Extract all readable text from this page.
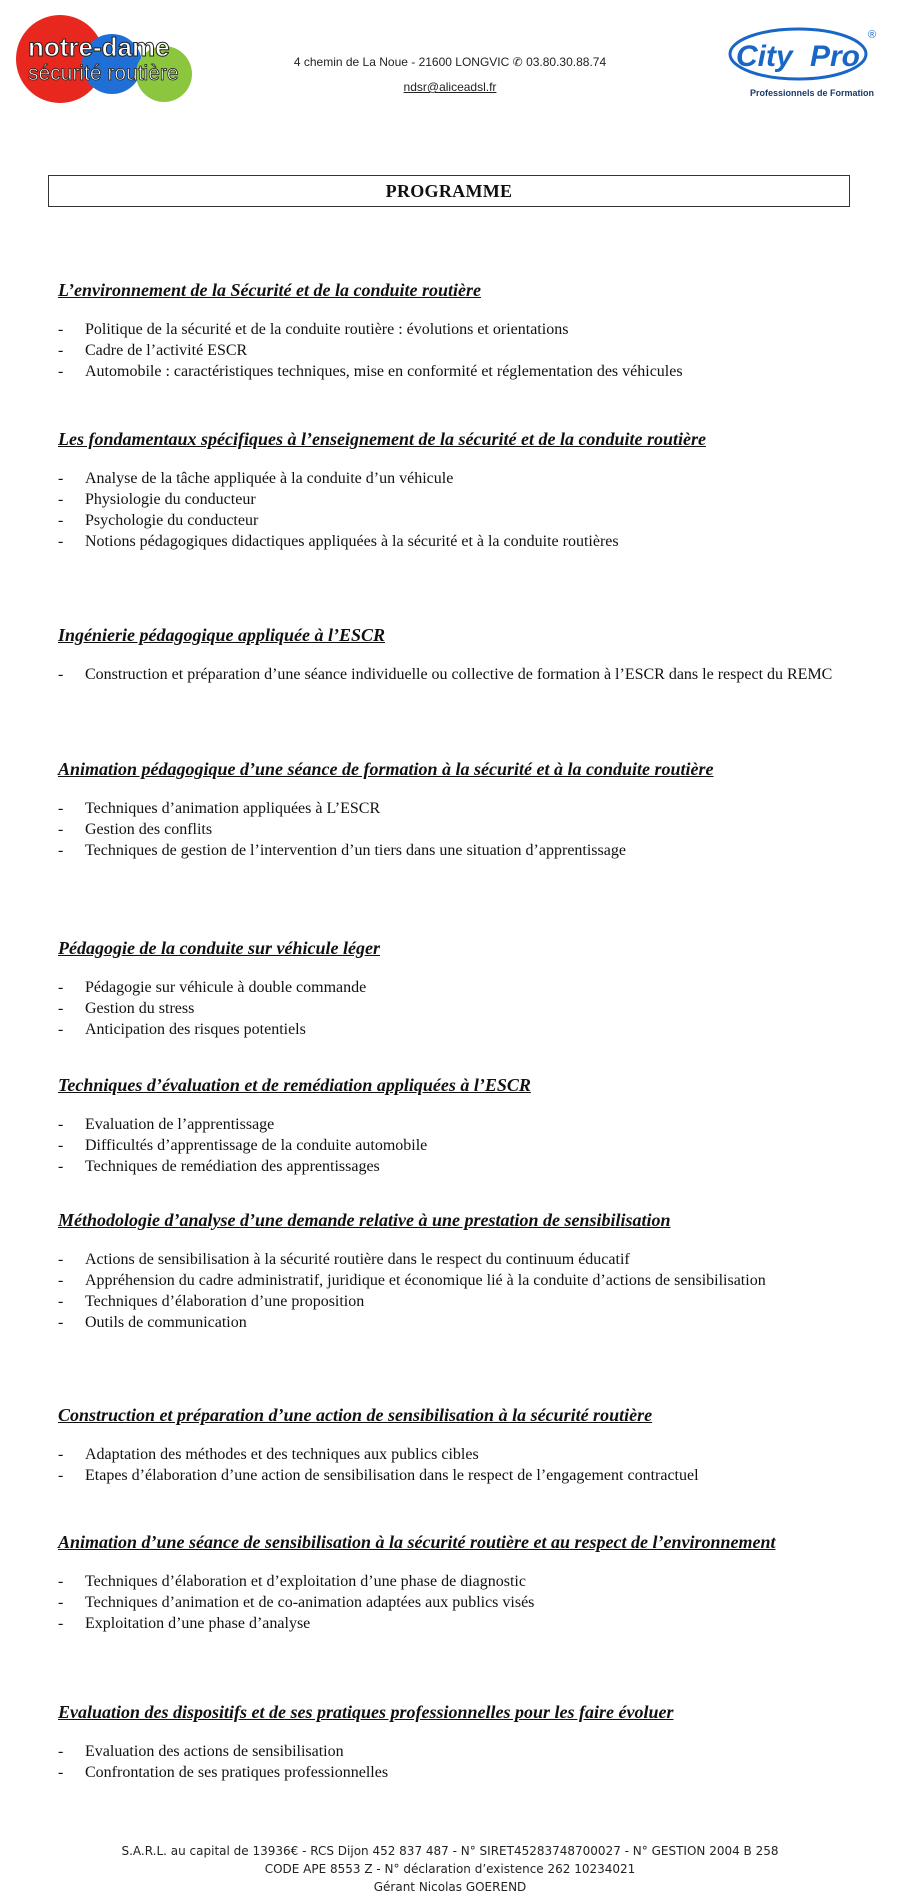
notre-dame
sécurité routière	4 chemin de La Noue - 21600 LONGVIC ✆ 03.80.30.88.74
ndsr@aliceadsl.fr
City Pro
®
Professionnels de Formation
PROGRAMME
L’environnement de la Sécurité et de la conduite routière
- Politique de la sécurité et de la conduite routière : évolutions et orientations
- Cadre de l’activité ESCR
- Automobile : caractéristiques techniques, mise en conformité et réglementation des véhicules
Les fondamentaux spécifiques à l’enseignement de la sécurité et de la conduite routière
- Analyse de la tâche appliquée à la conduite d’un véhicule
- Physiologie du conducteur
- Psychologie du conducteur
- Notions pédagogiques didactiques appliquées à la sécurité et à la conduite routières
Ingénierie pédagogique appliquée à l’ESCR
- Construction et préparation d’une séance individuelle ou collective de formation à l’ESCR dans le respect du REMC
Animation pédagogique d’une séance de formation à la sécurité et à la conduite routière
- Techniques d’animation appliquées à L’ESCR
- Gestion des conflits
- Techniques de gestion de l’intervention d’un tiers dans une situation d’apprentissage
Pédagogie de la conduite sur véhicule léger
- Pédagogie sur véhicule à double commande
- Gestion du stress
- Anticipation des risques potentiels
Techniques d’évaluation et de remédiation appliquées à l’ESCR
- Evaluation de l’apprentissage
- Difficultés d’apprentissage de la conduite automobile
- Techniques de remédiation des apprentissages
Méthodologie d’analyse d’une demande relative à une prestation de sensibilisation
- Actions de sensibilisation à la sécurité routière dans le respect du continuum éducatif
- Appréhension du cadre administratif, juridique et économique lié à la conduite d’actions de sensibilisation
- Techniques d’élaboration d’une proposition
- Outils de communication
Construction et préparation d’une action de sensibilisation à la sécurité routière
- Adaptation des méthodes et des techniques aux publics cibles
- Etapes d’élaboration d’une action de sensibilisation dans le respect de l’engagement contractuel
Animation d’une séance de sensibilisation à la sécurité routière et au respect de l’environnement
- Techniques d’élaboration et d’exploitation d’une phase de diagnostic
- Techniques d’animation et de co-animation adaptées aux publics visés
- Exploitation d’une phase d’analyse
Evaluation des dispositifs et de ses pratiques professionnelles pour les faire évoluer
- Evaluation des actions de sensibilisation
- Confrontation de ses pratiques professionnelles
S.A.R.L. au capital de 13936€ - RCS Dijon 452 837 487 - N° SIRET45283748700027 - N° GESTION 2004 B 258
CODE APE 8553 Z - N° déclaration d’existence 262 10234021
Gérant Nicolas GOEREND
